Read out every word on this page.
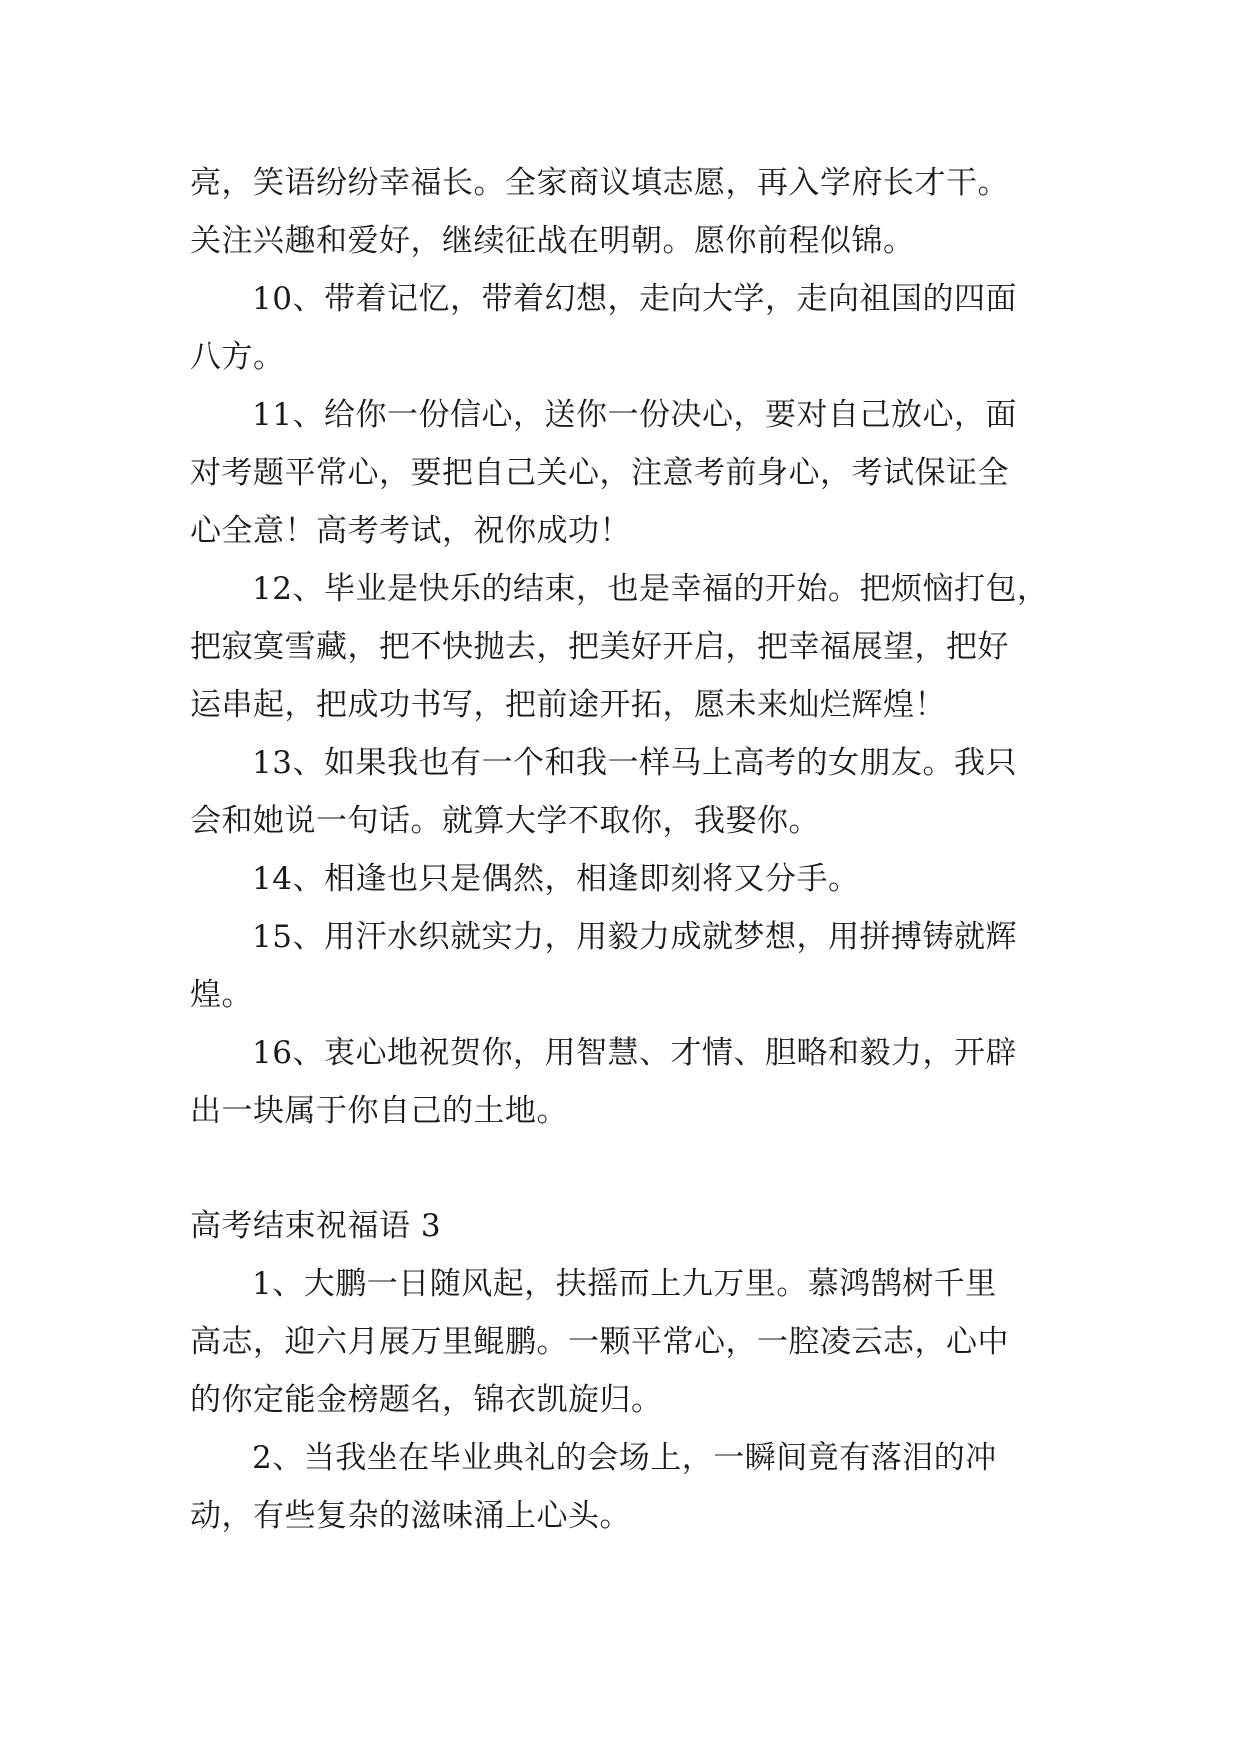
亮，笑语纷纷幸福长。全家商议填志愿，再入学府长才干。
关注兴趣和爱好，继续征战在明朝。愿你前程似锦。
10、带着记忆，带着幻想，走向大学，走向祖国的四面
八方。
11、给你一份信心，送你一份决心，要对自己放心，面
对考题平常心，要把自己关心，注意考前身心，考试保证全
心全意！高考考试，祝你成功！
12、毕业是快乐的结束，也是幸福的开始。把烦恼打包，
把寂寞雪藏，把不快抛去，把美好开启，把幸福展望，把好
运串起，把成功书写，把前途开拓，愿未来灿烂辉煌！
13、如果我也有一个和我一样马上高考的女朋友。我只
会和她说一句话。就算大学不取你，我娶你。
14、相逢也只是偶然，相逢即刻将又分手。
15、用汗水织就实力，用毅力成就梦想，用拼搏铸就辉
煌。
16、衷心地祝贺你，用智慧、才情、胆略和毅力，开辟
出一块属于你自己的土地。
高考结束祝福语 3
1、大鹏一日随风起，扶摇而上九万里。慕鸿鹄树千里
高志，迎六月展万里鲲鹏。一颗平常心，一腔凌云志，心中
的你定能金榜题名，锦衣凯旋归。
2、当我坐在毕业典礼的会场上，一瞬间竟有落泪的冲
动，有些复杂的滋味涌上心头。
